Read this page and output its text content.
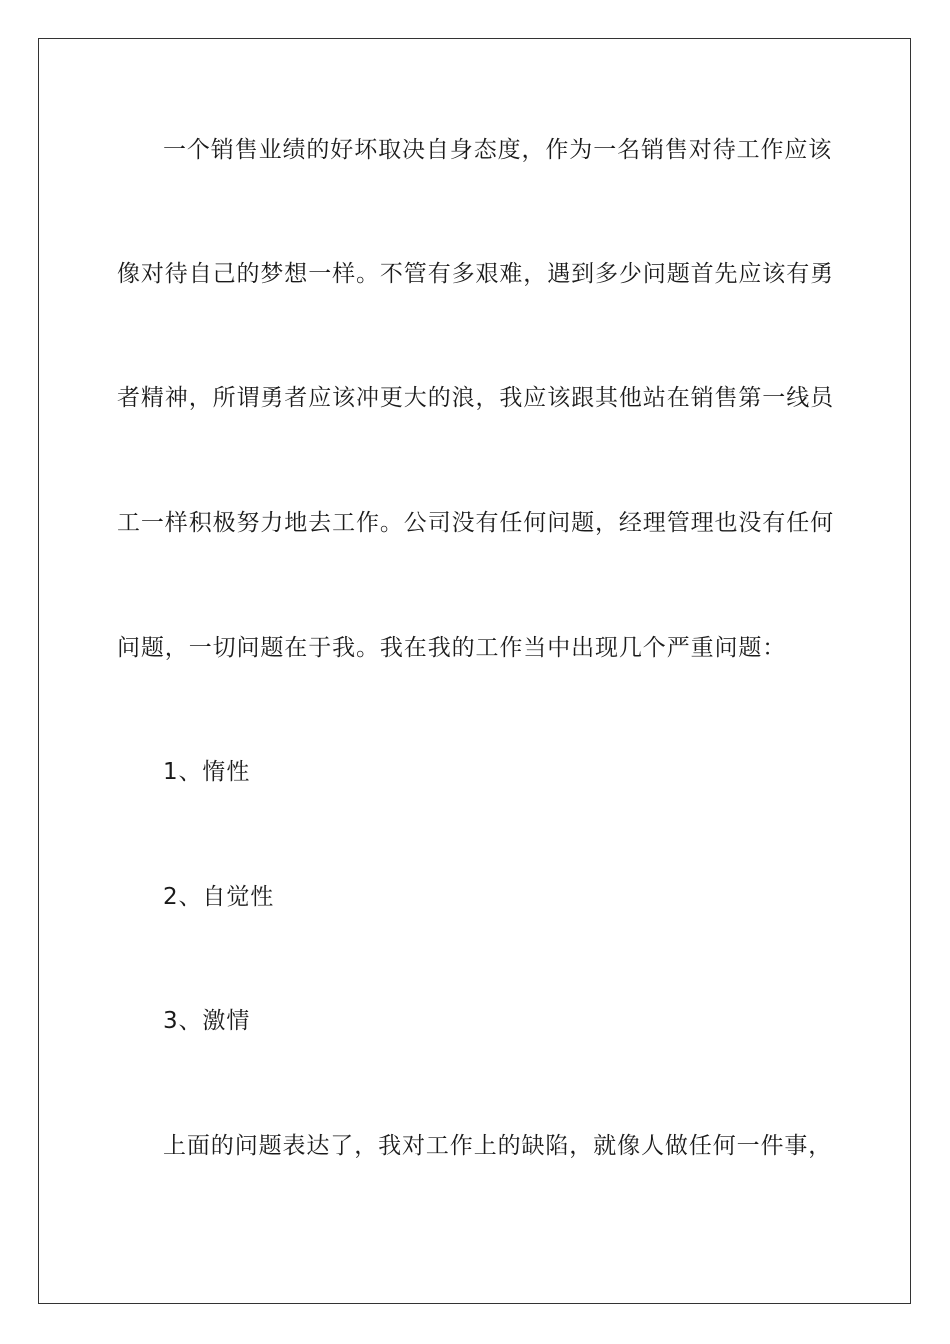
一个销售业绩的好坏取决自身态度，作为一名销售对待工作应该
像对待自己的梦想一样。不管有多艰难，遇到多少问题首先应该有勇
者精神，所谓勇者应该冲更大的浪，我应该跟其他站在销售第一线员
工一样积极努力地去工作。公司没有任何问题，经理管理也没有任何
问题，一切问题在于我。我在我的工作当中出现几个严重问题：
1、惰性
2、自觉性
3、激情
上面的问题表达了，我对工作上的缺陷，就像人做任何一件事，
